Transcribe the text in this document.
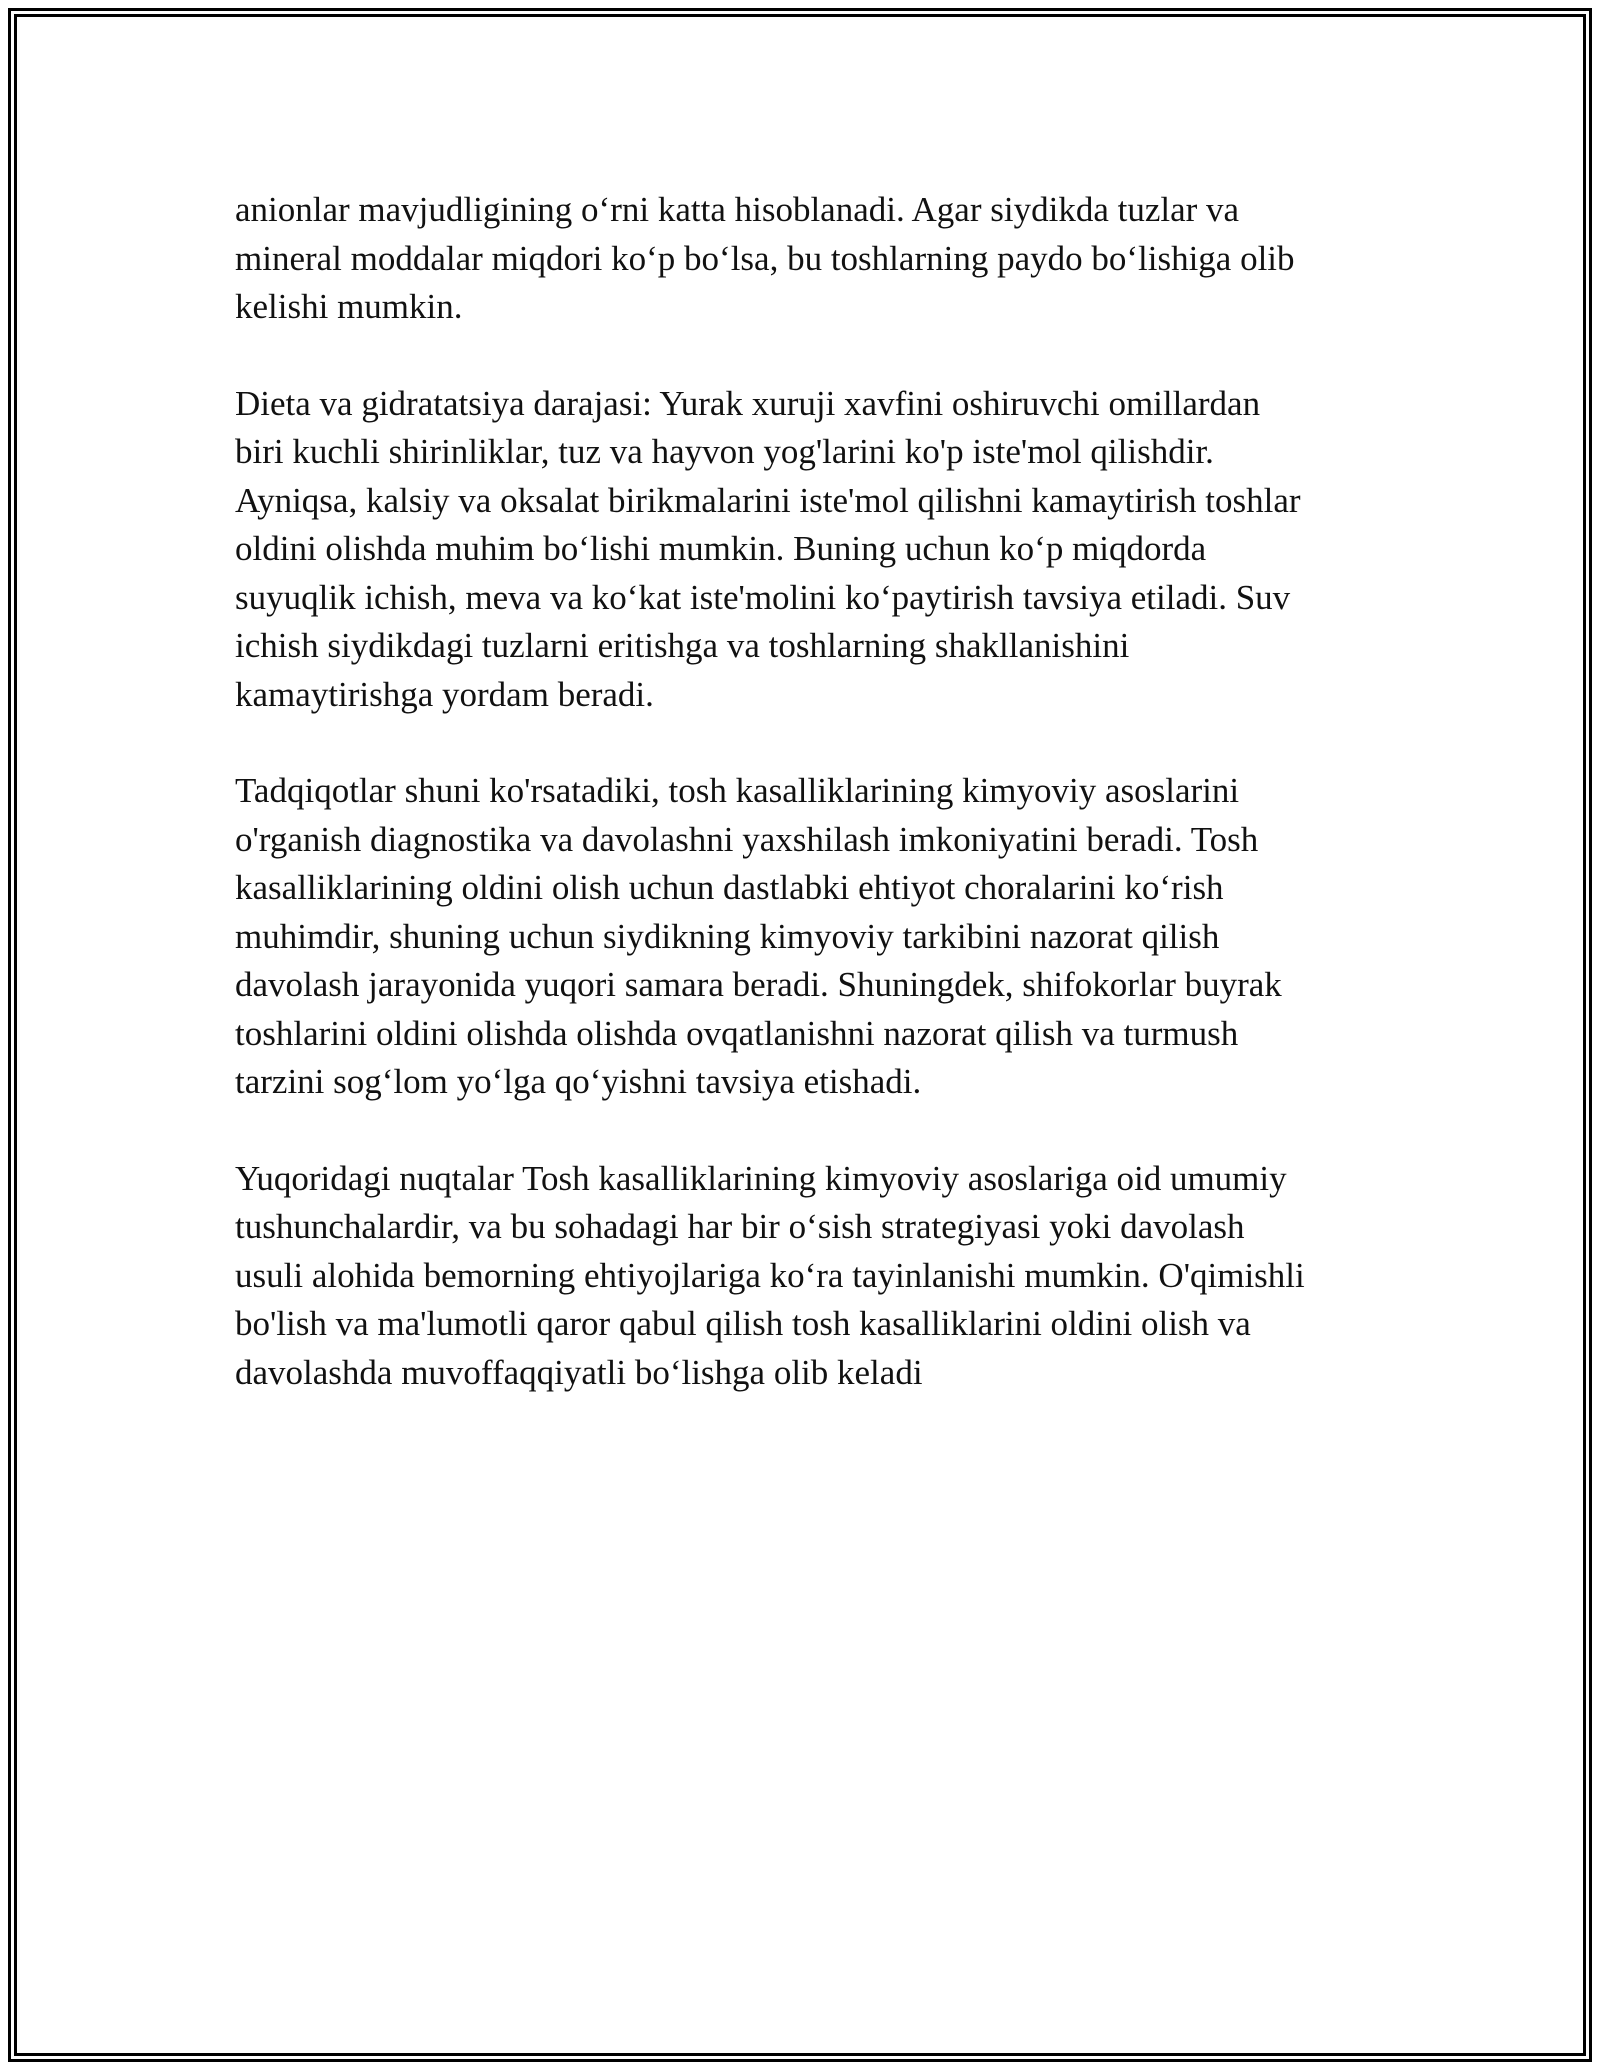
anionlar mavjudligining o‘rni katta hisoblanadi. Agar siydikda tuzlar va
mineral moddalar miqdori ko‘p bo‘lsa, bu toshlarning paydo bo‘lishiga olib
kelishi mumkin.

Dieta va gidratatsiya darajasi: Yurak xuruji xavfini oshiruvchi omillardan
biri kuchli shirinliklar, tuz va hayvon yog'larini ko'p iste'mol qilishdir.
Ayniqsa, kalsiy va oksalat birikmalarini iste'mol qilishni kamaytirish toshlar
oldini olishda muhim bo‘lishi mumkin. Buning uchun ko‘p miqdorda
suyuqlik ichish, meva va ko‘kat iste'molini ko‘paytirish tavsiya etiladi. Suv
ichish siydikdagi tuzlarni eritishga va toshlarning shakllanishini
kamaytirishga yordam beradi.

Tadqiqotlar shuni ko'rsatadiki, tosh kasalliklarining kimyoviy asoslarini
o'rganish diagnostika va davolashni yaxshilash imkoniyatini beradi. Tosh
kasalliklarining oldini olish uchun dastlabki ehtiyot choralarini ko‘rish
muhimdir, shuning uchun siydikning kimyoviy tarkibini nazorat qilish
davolash jarayonida yuqori samara beradi. Shuningdek, shifokorlar buyrak
toshlarini oldini olishda olishda ovqatlanishni nazorat qilish va turmush
tarzini sog‘lom yo‘lga qo‘yishni tavsiya etishadi.

Yuqoridagi nuqtalar Tosh kasalliklarining kimyoviy asoslariga oid umumiy
tushunchalardir, va bu sohadagi har bir o‘sish strategiyasi yoki davolash
usuli alohida bemorning ehtiyojlariga ko‘ra tayinlanishi mumkin. O'qimishli
bo'lish va ma'lumotli qaror qabul qilish tosh kasalliklarini oldini olish va
davolashda muvoffaqqiyatli bo‘lishga olib keladi
